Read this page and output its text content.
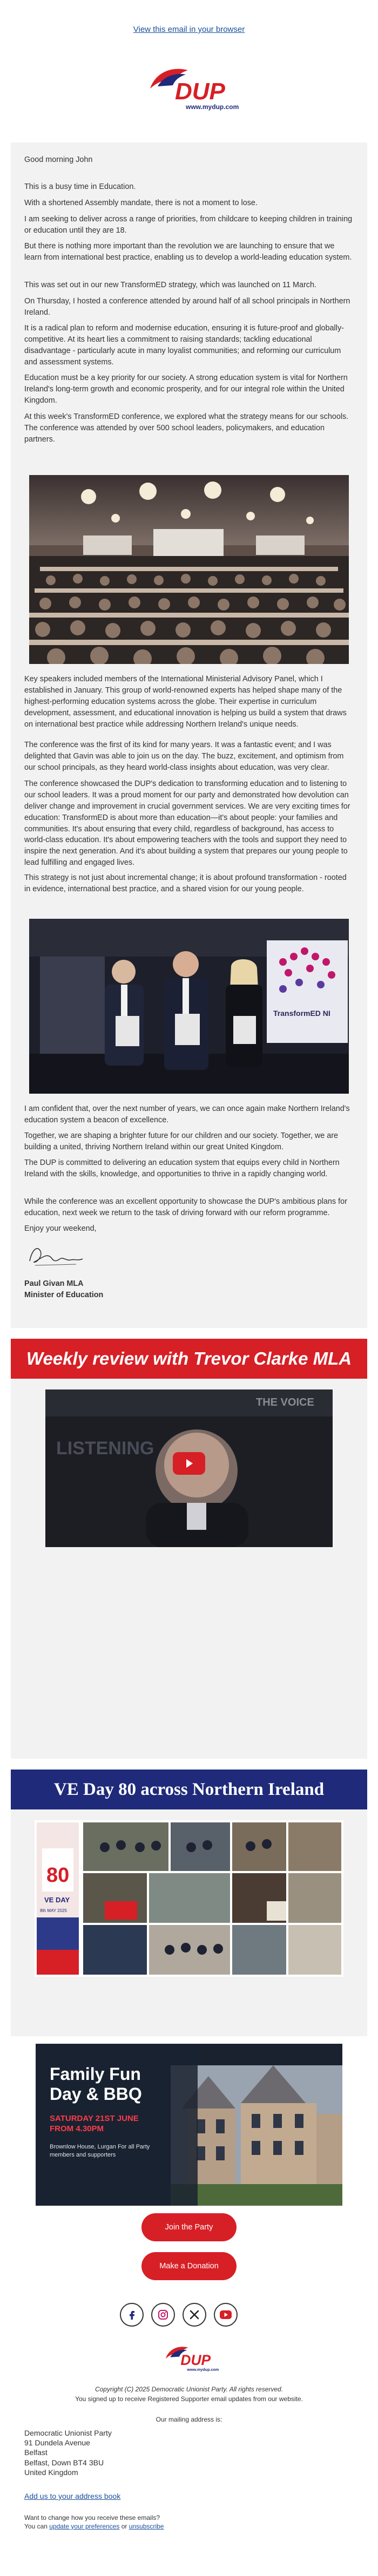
View this email in your browser
DUP
www.mydup.com
Good morning John
This is a busy time in Education.
With a shortened Assembly mandate, there is not a moment to lose.
I am seeking to deliver across a range of priorities, from childcare to keeping children in training or education until they are 18.
But there is nothing more important than the revolution we are launching to ensure that we learn from international best practice, enabling us to develop a world-leading education system.
This was set out in our new TransformED strategy, which was launched on 11 March.
On Thursday, I hosted a conference attended by around half of all school principals in Northern Ireland.
It is a radical plan to reform and modernise education, ensuring it is future-proof and globally-competitive. At its heart lies a commitment to raising standards; tackling educational disadvantage - particularly acute in many loyalist communities; and reforming our curriculum and assessment systems.
Education must be a key priority for our society. A strong education system is vital for Northern Ireland's long-term growth and economic prosperity, and for our integral role within the United Kingdom.
At this week's TransformED conference, we explored what the strategy means for our schools. The conference was attended by over 500 school leaders, policymakers, and education partners.
Key speakers included members of the International Ministerial Advisory Panel, which I established in January. This group of world-renowned experts has helped shape many of the highest-performing education systems across the globe. Their expertise in curriculum development, assessment, and educational innovation is helping us build a system that draws on international best practice while addressing Northern Ireland's unique needs.
The conference was the first of its kind for many years. It was a fantastic event; and I was delighted that Gavin was able to join us on the day. The buzz, excitement, and optimism from our school principals, as they heard world-class insights about education, was very clear.
The conference showcased the DUP's dedication to transforming education and to listening to our school leaders. It was a proud moment for our party and demonstrated how devolution can deliver change and improvement in crucial government services. We are very exciting times for education: TransformED is about more than education—it's about people: your families and communities. It's about ensuring that every child, regardless of background, has access to world-class education. It's about empowering teachers with the tools and support they need to inspire the next generation. And it's about building a system that prepares our young people to lead fulfilling and engaged lives.
This strategy is not just about incremental change; it is about profound transformation - rooted in evidence, international best practice, and a shared vision for our young people.
TransformED NI
I am confident that, over the next number of years, we can once again make Northern Ireland's education system a beacon of excellence.
Together, we are shaping a brighter future for our children and our society. Together, we are building a united, thriving Northern Ireland within our great United Kingdom.
The DUP is committed to delivering an education system that equips every child in Northern Ireland with the skills, knowledge, and opportunities to thrive in a rapidly changing world.
While the conference was an excellent opportunity to showcase the DUP's ambitious plans for education, next week we return to the task of driving forward with our reform programme.
Enjoy your weekend,
Paul Givan MLA
Minister of Education
Weekly review with Trevor Clarke MLA
THE VOICE
LISTENING
VE Day 80 across Northern Ireland
80
VE DAY
8th MAY 2025
Family Fun Day & BBQ
SATURDAY 21ST JUNE FROM 4.30PM
Brownlow House, Lurgan For all Party members and supporters
Join the Party
Make a Donation
DUP
www.mydup.com
Copyright (C) 2025 Democratic Unionist Party. All rights reserved.
You signed up to receive Registered Supporter email updates from our website.
Our mailing address is:
Democratic Unionist Party
91 Dundela Avenue
Belfast
Belfast, Down BT4 3BU
United Kingdom
Add us to your address book
Want to change how you receive these emails?
You can update your preferences or unsubscribe
